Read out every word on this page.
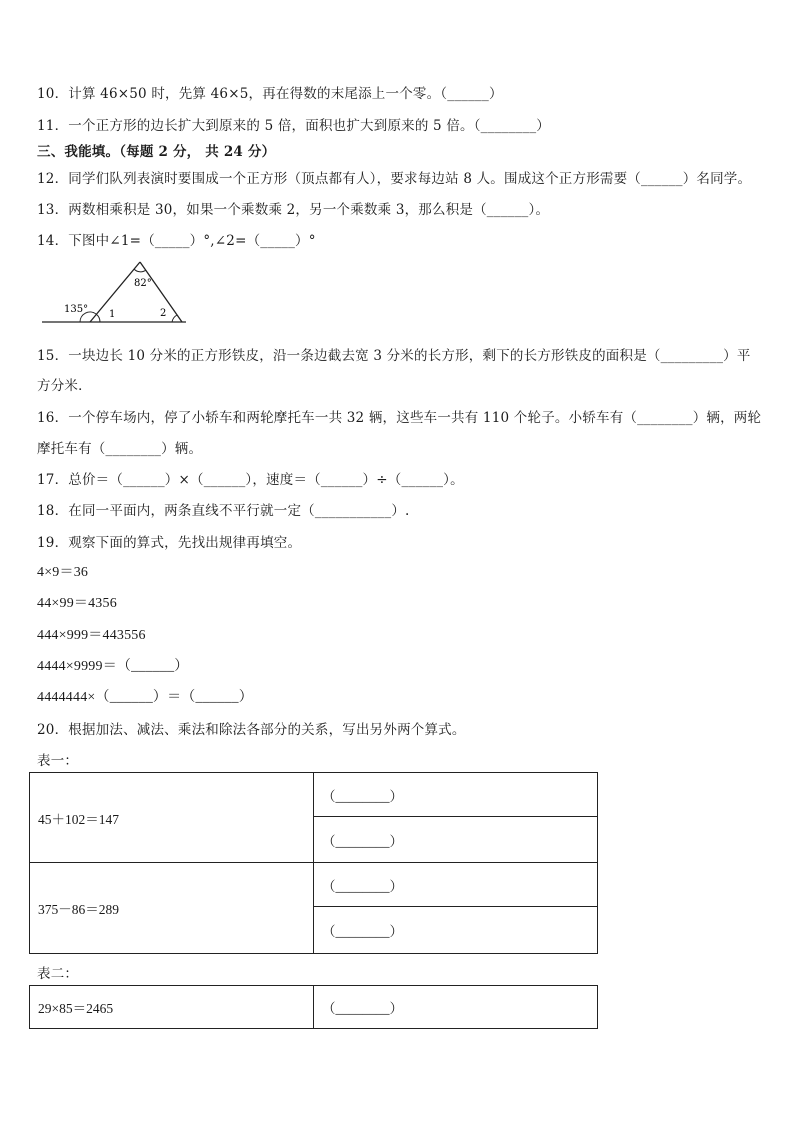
10．计算 46×50 时，先算 46×5，再在得数的末尾添上一个零。（______）
11．一个正方形的边长扩大到原来的 5 倍，面积也扩大到原来的 5 倍。（________）
三、我能填。（每题 2 分， 共 24 分）
12．同学们队列表演时要围成一个正方形（顶点都有人），要求每边站 8 人。围成这个正方形需要（______）名同学。
13．两数相乘积是 30，如果一个乘数乘 2，另一个乘数乘 3，那么积是（______）。
14．下图中∠1=（_____）°,∠2=（_____）°
82°
135° 1	2
15．一块边长 10 分米的正方形铁皮，沿一条边截去宽 3 分米的长方形，剩下的长方形铁皮的面积是（_________）平
方分米．
16．一个停车场内，停了小轿车和两轮摩托车一共 32 辆，这些车一共有 110 个轮子。小轿车有（________）辆，两轮
摩托车有（________）辆。
17．总价＝（______）×（______），速度＝（______）÷（______）。
18．在同一平面内，两条直线不平行就一定（___________）.
19．观察下面的算式，先找出规律再填空。
4×9＝36
44×99＝4356
444×999＝443556
4444×9999＝（______）
4444444×（______）＝（______）
20．根据加法、减法、乘法和除法各部分的关系，写出另外两个算式。
表一：
45＋102＝147	（________）
	（________）
375－86＝289	（________）
	（________）
表二：
29×85＝2465	（________）
